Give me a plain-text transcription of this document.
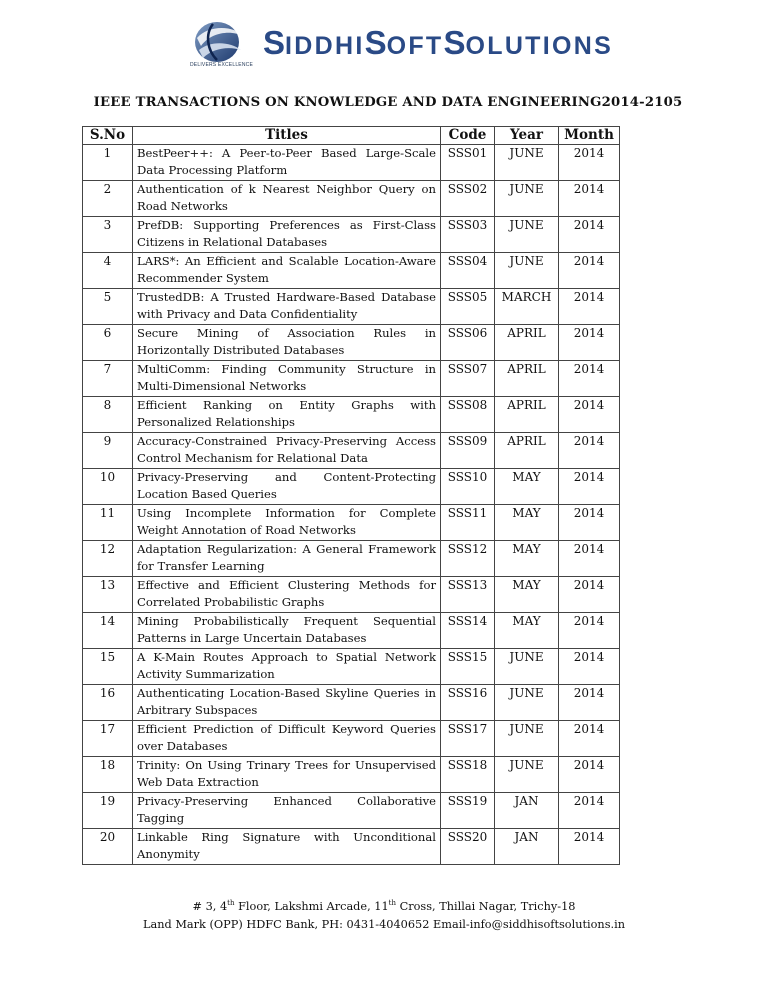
DELIVERS EXCELLENCE
SIDDHISOFTSOLUTIONS
IEEE TRANSACTIONS ON KNOWLEDGE AND DATA ENGINEERING2014-2105
S.No	Titles	Code	Year	Month
1	BestPeer++: A Peer-to-Peer Based Large-Scale Data Processing Platform	SSS01	JUNE	2014
2	Authentication of k Nearest Neighbor Query on Road Networks	SSS02	JUNE	2014
3	PrefDB: Supporting Preferences as First-Class Citizens in Relational Databases	SSS03	JUNE	2014
4	LARS*: An Efficient and Scalable Location-Aware Recommender System	SSS04	JUNE	2014
5	TrustedDB: A Trusted Hardware-Based Database with Privacy and Data Confidentiality	SSS05	MARCH	2014
6	Secure Mining of Association Rules in Horizontally Distributed Databases	SSS06	APRIL	2014
7	MultiComm: Finding Community Structure in Multi-Dimensional Networks	SSS07	APRIL	2014
8	Efficient Ranking on Entity Graphs with Personalized Relationships	SSS08	APRIL	2014
9	Accuracy-Constrained Privacy-Preserving Access Control Mechanism for Relational Data	SSS09	APRIL	2014
10	Privacy-Preserving and Content-Protecting Location Based Queries	SSS10	MAY	2014
11	Using Incomplete Information for Complete Weight Annotation of Road Networks	SSS11	MAY	2014
12	Adaptation Regularization: A General Framework for Transfer Learning	SSS12	MAY	2014
13	Effective and Efficient Clustering Methods for Correlated Probabilistic Graphs	SSS13	MAY	2014
14	Mining Probabilistically Frequent Sequential Patterns in Large Uncertain Databases	SSS14	MAY	2014
15	A K-Main Routes Approach to Spatial Network Activity Summarization	SSS15	JUNE	2014
16	Authenticating Location-Based Skyline Queries in Arbitrary Subspaces	SSS16	JUNE	2014
17	Efficient Prediction of Difficult Keyword Queries over Databases	SSS17	JUNE	2014
18	Trinity: On Using Trinary Trees for Unsupervised Web Data Extraction	SSS18	JUNE	2014
19	Privacy-Preserving Enhanced Collaborative Tagging	SSS19	JAN	2014
20	Linkable Ring Signature with Unconditional Anonymity	SSS20	JAN	2014
# 3, 4th Floor, Lakshmi Arcade, 11th Cross, Thillai Nagar, Trichy-18
Land Mark (OPP) HDFC Bank, PH: 0431-4040652 Email-info@siddhisoftsolutions.in
